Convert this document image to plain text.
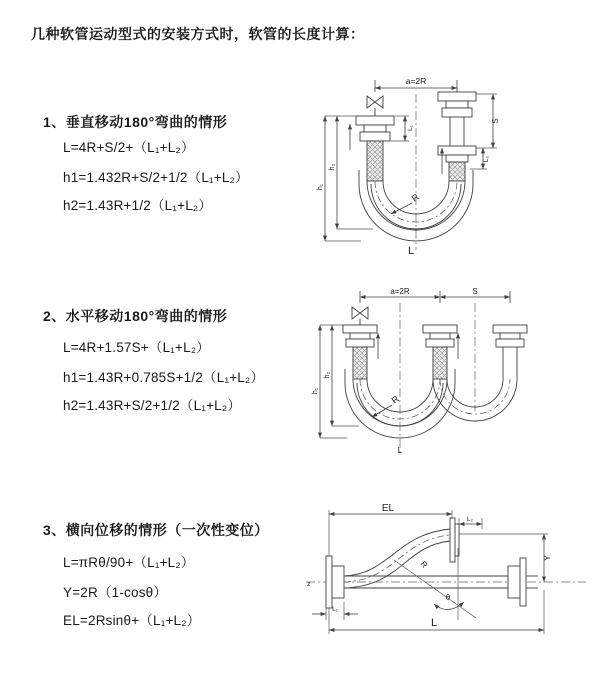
几种软管运动型式的安装方式时，软管的长度计算：
1、垂直移动180°弯曲的情形
L=4R+S/2+（L₁+L₂）
h1=1.432R+S/2+1/2（L₁+L₂）
h2=1.43R+1/2（L₁+L₂）
a=2R
L₁
S
L₂
R
h₁
h₂
L
2、水平移动180°弯曲的情形
L=4R+1.57S+（L₁+L₂）
h1=1.43R+0.785S+1/2（L₁+L₂）
h2=1.43R+S/2+1/2（L₁+L₂）
a=2R	S
R
h₁
h₂
L
3、横向位移的情形（一次性变位）
L=πRθ/90+（L₁+L₂）
Y=2R（1-cosθ）
EL=2Rsinθ+（L₁+L₂）
z
EL
L₂
Y
θ
R
L₁
L
